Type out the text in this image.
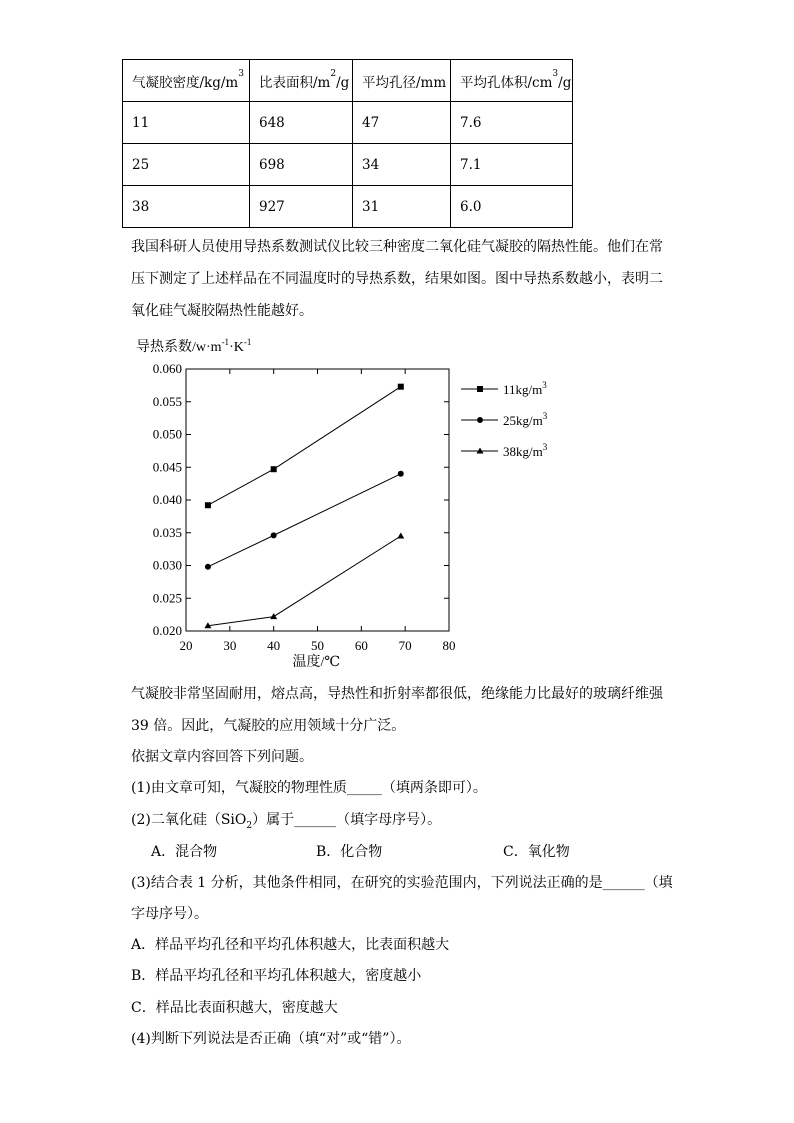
气凝胶密度$/kg/m^3$	比表面积$/m^2/g$	平均孔径/mm	平均孔体积$/cm^3/g$
11	648	47	7.6
25	698	34	7.1
38	927	31	6.0
我国科研人员使用导热系数测试仪比较三种密度二氧化硅气凝胶的隔热性能。他们在常
压下测定了上述样品在不同温度时的导热系数，结果如图。图中导热系数越小，表明二
氧化硅气凝胶隔热性能越好。
0.060
0.055
0.050
0.045
0.040
0.035
0.030
0.025
0.020
20 30 40 50 60 70 80
导热系数$/w\cdot m^{-1}\cdot K^{-1}$
温度/℃
$11kg/m^3$
$25kg/m^3$
$38kg/m^3$
气凝胶非常坚固耐用，熔点高，导热性和折射率都很低，绝缘能力比最好的玻璃纤维强
39 倍。因此，气凝胶的应用领域十分广泛。
依据文章内容回答下列问题。
(1)由文章可知，气凝胶的物理性质_____（填两条即可）。
(2)二氧化硅（SiO$_2$）属于______（填字母序号）。
A．混合物	B．化合物	C．氧化物
(3)结合表 1 分析，其他条件相同，在研究的实验范围内，下列说法正确的是______（填
字母序号）。
A．样品平均孔径和平均孔体积越大，比表面积越大
B．样品平均孔径和平均孔体积越大，密度越小
C．样品比表面积越大，密度越大
(4)判断下列说法是否正确（填“对”或“错”）。
